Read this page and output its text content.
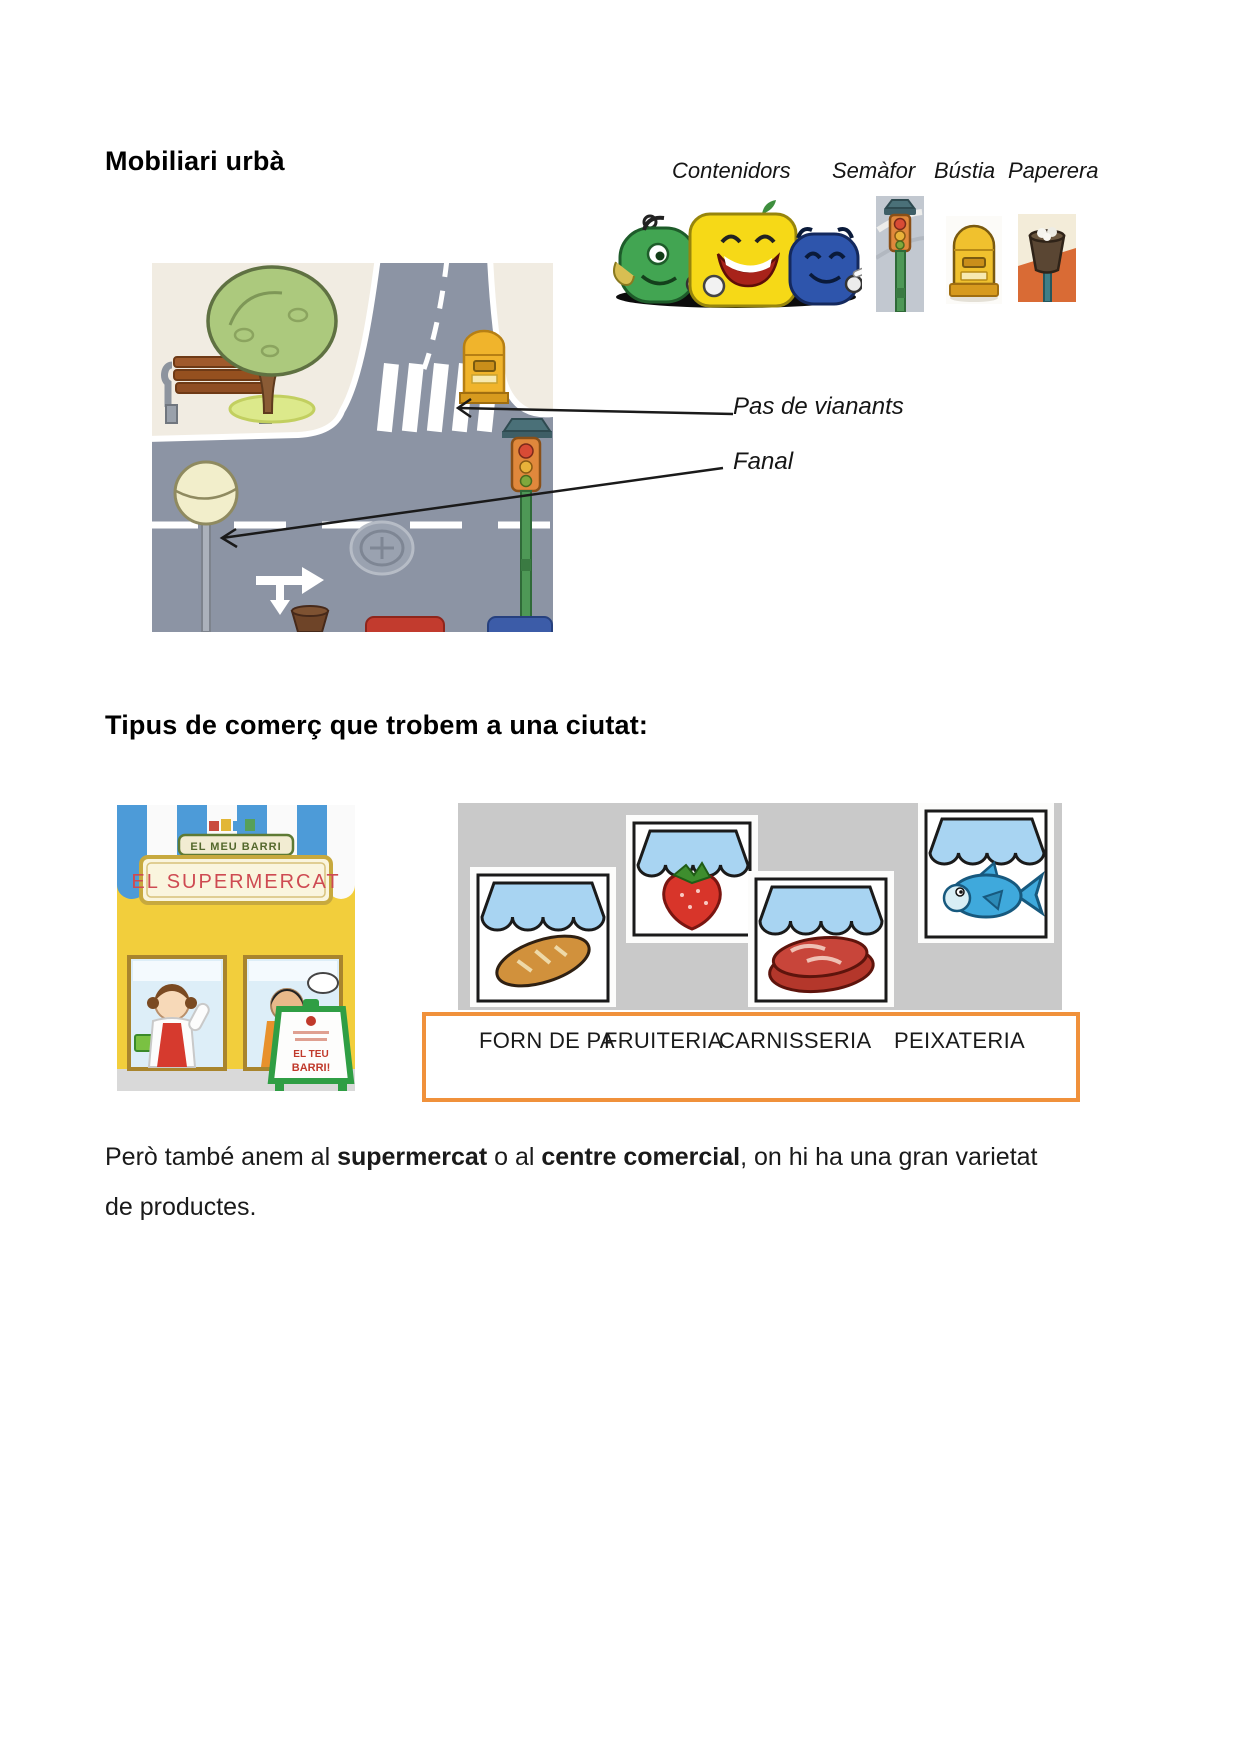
Mobiliari urbà	Contenidors Semàfor Bústia Paperera
Pas de vianants
Fanal
Tipus de comerç que trobem a una ciutat:
EL MEU BARRI
EL SUPERMERCAT
EL TEU
BARRI!
FORN DE PA
FRUITERIA
CARNISSERIA PEIXATERIA
Però també anem al supermercat o al centre comercial, on hi ha una gran varietat de productes.
